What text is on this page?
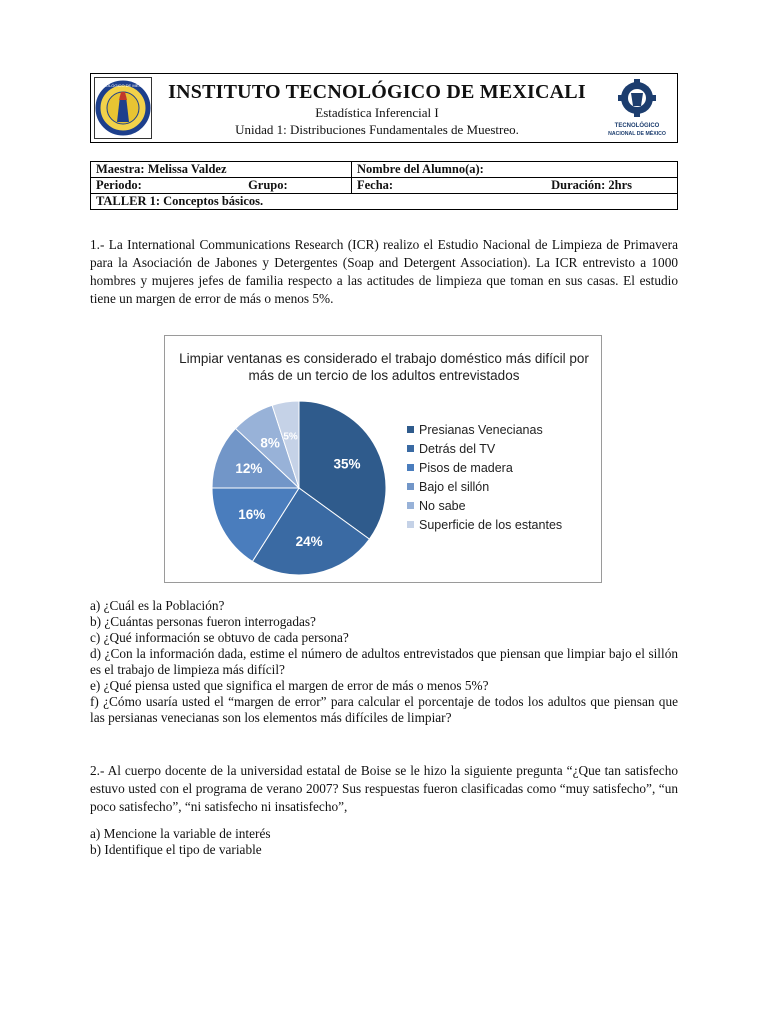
TECNOLÓGICO DE MEXICALI INSTITUTO TECNOLÓGICO DE MEXICALI
Estadística Inferencial I
Unidad 1: Distribuciones Fundamentales de Muestreo.	TECNOLÓGICO
NACIONAL DE MÉXICO
Maestra: Melissa Valdez	Nombre del Alumno(a):
Periodo: Grupo:	Fecha: Duración: 2hrs

TALLER 1: Conceptos básicos.	
1.- La International Communications Research (ICR) realizo el Estudio Nacional de Limpieza de Primavera para la Asociación de Jabones y Detergentes (Soap and Detergent Association). La ICR entrevisto a 1000 hombres y mujeres jefes de familia respecto a las actitudes de limpieza que toman en sus casas. El estudio tiene un margen de error de más o menos 5%.
Limpiar ventanas es considerado el trabajo doméstico más difícil por
más de un tercio de los adultos entrevistados
35%
24%
16%
12%
8% 5%
Presianas Venecianas
Detrás del TV
Pisos de madera
Bajo el sillón
No sabe
Superficie de los estantes
a) ¿Cuál es la Población?
b) ¿Cuántas personas fueron interrogadas?
c) ¿Qué información se obtuvo de cada persona?
d) ¿Con la información dada, estime el número de adultos entrevistados que piensan que limpiar bajo el sillón es el trabajo de limpieza más difícil?
e) ¿Qué piensa usted que significa el margen de error de más o menos 5%?
f) ¿Cómo usaría usted el “margen de error” para calcular el porcentaje de todos los adultos que piensan que las persianas venecianas son los elementos más difíciles de limpiar?
2.- Al cuerpo docente de la universidad estatal de Boise se le hizo la siguiente pregunta “¿Que tan satisfecho estuvo usted con el programa de verano 2007? Sus respuestas fueron clasificadas como “muy satisfecho”, “un poco satisfecho”, “ni satisfecho ni insatisfecho”,
a) Mencione la variable de interés
b) Identifique el tipo de variable
